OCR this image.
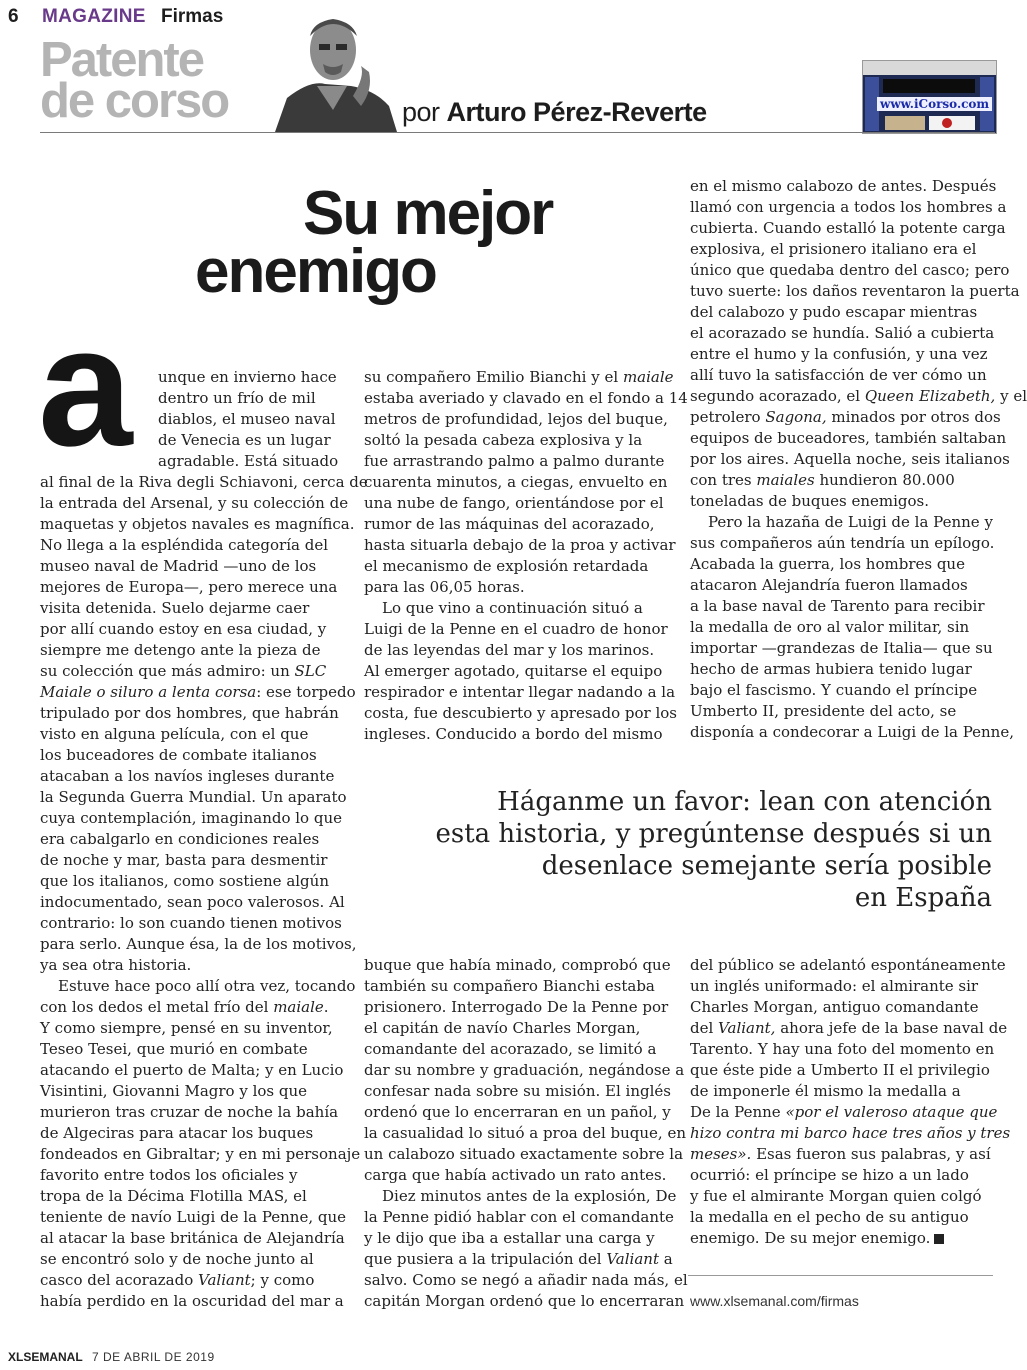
6 MAGAZINE Firmas
Patente
de corso	por Arturo Pérez-Reverte	www.iCorso.com
Su mejor
enemigo
a	unque en invierno hace

dentro un frío de mil

diablos, el museo naval

de Venecia es un lugar

agradable. Está situado

al final de la Riva degli Schiavoni, cerca de

la entrada del Arsenal, y su colección de

maquetas y objetos navales es magnífica.

No llega a la espléndida categoría del

museo naval de Madrid —uno de los

mejores de Europa—, pero merece una

visita detenida. Suelo dejarme caer

por allí cuando estoy en esa ciudad, y

siempre me detengo ante la pieza de

su colección que más admiro: un SLC

Maiale o siluro a lenta corsa: ese torpedo

tripulado por dos hombres, que habrán

visto en alguna película, con el que

los buceadores de combate italianos

atacaban a los navíos ingleses durante

la Segunda Guerra Mundial. Un aparato

cuya contemplación, imaginando lo que

era cabalgarlo en condiciones reales

de noche y mar, basta para desmentir

que los italianos, como sostiene algún

indocumentado, sean poco valerosos. Al

contrario: lo son cuando tienen motivos

para serlo. Aunque ésa, la de los motivos,

ya sea otra historia.

Estuve hace poco allí otra vez, tocando

con los dedos el metal frío del maiale.

Y como siempre, pensé en su inventor,

Teseo Tesei, que murió en combate

atacando el puerto de Malta; y en Lucio

Visintini, Giovanni Magro y los que

murieron tras cruzar de noche la bahía

de Algeciras para atacar los buques

fondeados en Gibraltar; y en mi personaje

favorito entre todos los oficiales y

tropa de la Décima Flotilla MAS, el

teniente de navío Luigi de la Penne, que

al atacar la base británica de Alejandría

se encontró solo y de noche junto al

casco del acorazado Valiant; y como

había perdido en la oscuridad del mar a

su compañero Emilio Bianchi y el maiale

estaba averiado y clavado en el fondo a 14

metros de profundidad, lejos del buque,

soltó la pesada cabeza explosiva y la

fue arrastrando palmo a palmo durante

cuarenta minutos, a ciegas, envuelto en

una nube de fango, orientándose por el

rumor de las máquinas del acorazado,

hasta situarla debajo de la proa y activar

el mecanismo de explosión retardada

para las 06,05 horas.

Lo que vino a continuación situó a

Luigi de la Penne en el cuadro de honor

de las leyendas del mar y los marinos.

Al emerger agotado, quitarse el equipo

respirador e intentar llegar nadando a la

costa, fue descubierto y apresado por los

ingleses. Conducido a bordo del mismo

en el mismo calabozo de antes. Después

llamó con urgencia a todos los hombres a

cubierta. Cuando estalló la potente carga

explosiva, el prisionero italiano era el

único que quedaba dentro del casco; pero

tuvo suerte: los daños reventaron la puerta

del calabozo y pudo escapar mientras

el acorazado se hundía. Salió a cubierta

entre el humo y la confusión, y una vez

allí tuvo la satisfacción de ver cómo un

segundo acorazado, el Queen Elizabeth, y el

petrolero Sagona, minados por otros dos

equipos de buceadores, también saltaban

por los aires. Aquella noche, seis italianos

con tres maiales hundieron 80.000

toneladas de buques enemigos.

Pero la hazaña de Luigi de la Penne y

sus compañeros aún tendría un epílogo.

Acabada la guerra, los hombres que

atacaron Alejandría fueron llamados

a la base naval de Tarento para recibir

la medalla de oro al valor militar, sin

importar —grandezas de Italia— que su

hecho de armas hubiera tenido lugar

bajo el fascismo. Y cuando el príncipe

Umberto II, presidente del acto, se

disponía a condecorar a Luigi de la Penne,

Háganme un favor: lean con atención
esta historia, y pregúntense después si un
desenlace semejante sería posible
en España

buque que había minado, comprobó que

también su compañero Bianchi estaba

prisionero. Interrogado De la Penne por

el capitán de navío Charles Morgan,

comandante del acorazado, se limitó a

dar su nombre y graduación, negándose a

confesar nada sobre su misión. El inglés

ordenó que lo encerraran en un pañol, y

la casualidad lo situó a proa del buque, en

un calabozo situado exactamente sobre la

carga que había activado un rato antes.

Diez minutos antes de la explosión, De

la Penne pidió hablar con el comandante

y le dijo que iba a estallar una carga y

que pusiera a la tripulación del Valiant a

salvo. Como se negó a añadir nada más, el

capitán Morgan ordenó que lo encerraran

del público se adelantó espontáneamente

un inglés uniformado: el almirante sir

Charles Morgan, antiguo comandante

del Valiant, ahora jefe de la base naval de

Tarento. Y hay una foto del momento en

que éste pide a Umberto II el privilegio

de imponerle él mismo la medalla a

De la Penne «por el valeroso ataque que

hizo contra mi barco hace tres años y tres

meses». Esas fueron sus palabras, y así

ocurrió: el príncipe se hizo a un lado

y fue el almirante Morgan quien colgó

la medalla en el pecho de su antiguo

enemigo. De su mejor enemigo.

www.xlsemanal.com/firmas
XLSEMANAL 7 DE ABRIL DE 2019
